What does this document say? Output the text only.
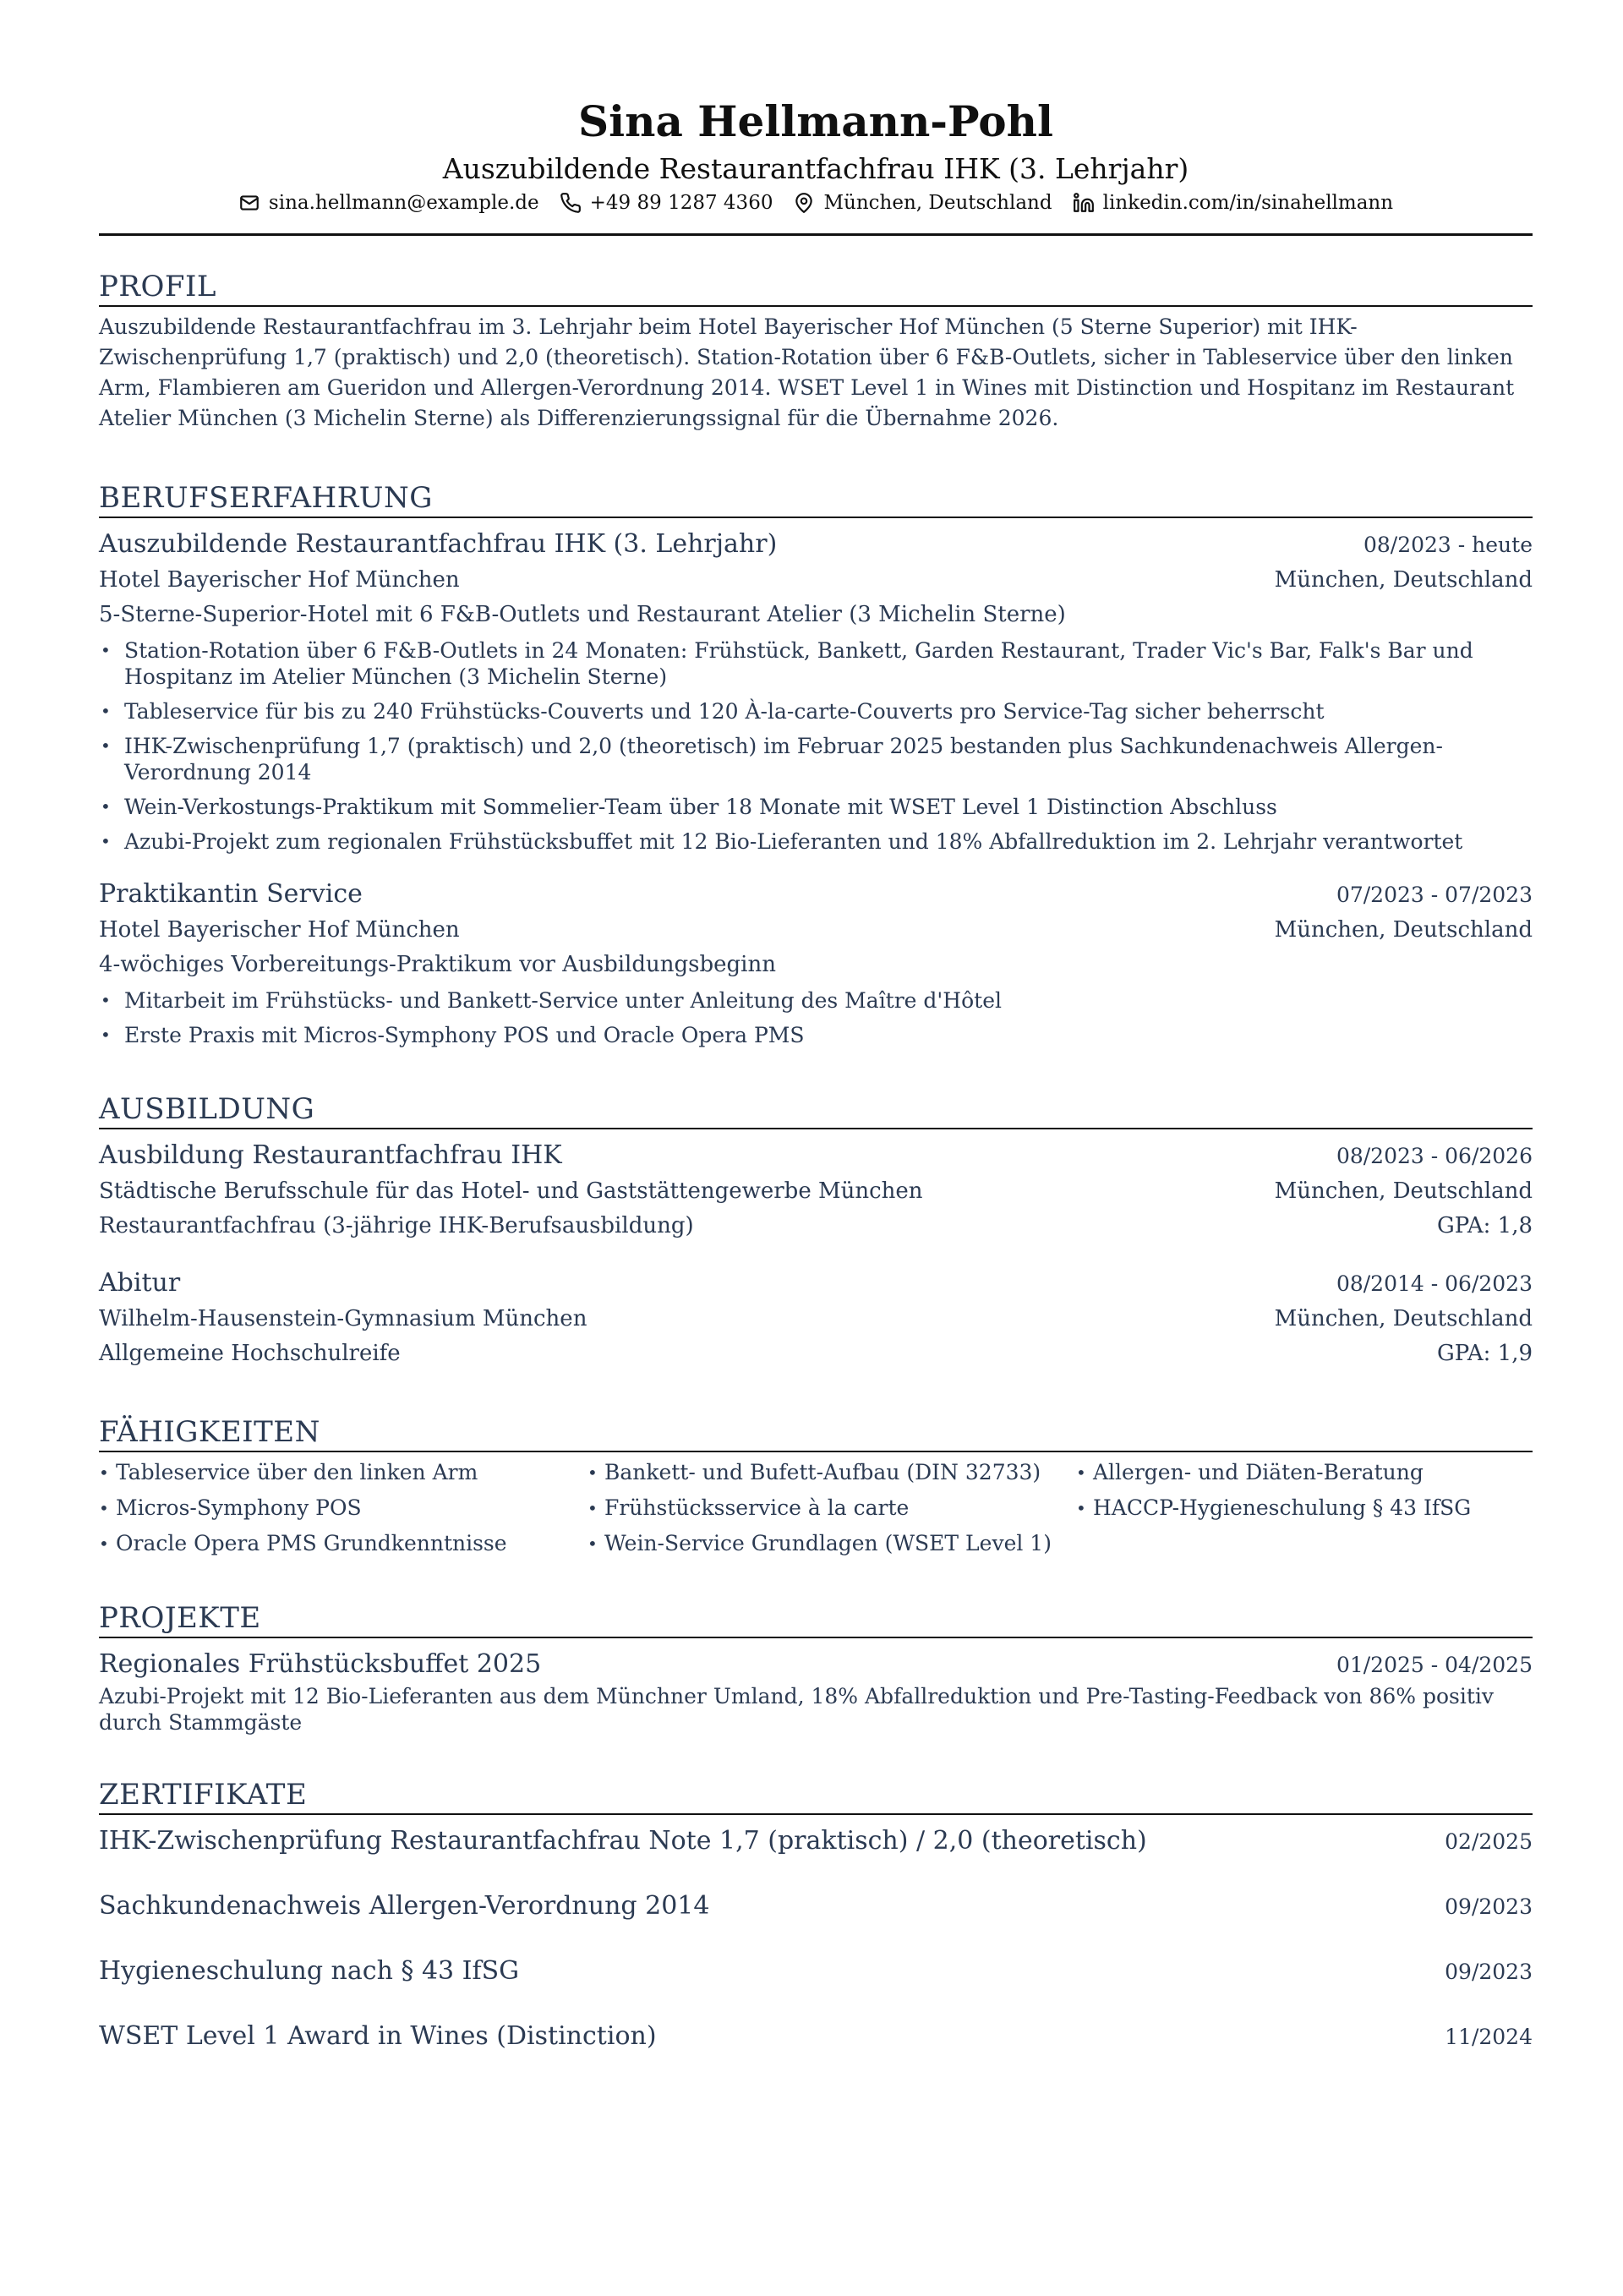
Sina Hellmann-Pohl
Auszubildende Restaurantfachfrau IHK (3. Lehrjahr)
sina.hellmann@example.de	+49 89 1287 4360	München, Deutschland	linkedin.com/in/sinahellmann
PROFIL
Auszubildende Restaurantfachfrau im 3. Lehrjahr beim Hotel Bayerischer Hof München (5 Sterne Superior) mit IHK-Zwischenprüfung 1,7 (praktisch) und 2,0 (theoretisch). Station-Rotation über 6 F&B-Outlets, sicher in Tableservice über den linken Arm, Flambieren am Gueridon und Allergen-Verordnung 2014. WSET Level 1 in Wines mit Distinction und Hospitanz im Restaurant Atelier München (3 Michelin Sterne) als Differenzierungssignal für die Übernahme 2026.
BERUFSERFAHRUNG
Auszubildende Restaurantfachfrau IHK (3. Lehrjahr)	08/2023 - heute
Hotel Bayerischer Hof München	München, Deutschland
5-Sterne-Superior-Hotel mit 6 F&B-Outlets und Restaurant Atelier (3 Michelin Sterne)
• Station-Rotation über 6 F&B-Outlets in 24 Monaten: Frühstück, Bankett, Garden Restaurant, Trader Vic's Bar, Falk's Bar und Hospitanz im Atelier München (3 Michelin Sterne)
• Tableservice für bis zu 240 Frühstücks-Couverts und 120 À-la-carte-Couverts pro Service-Tag sicher beherrscht
• IHK-Zwischenprüfung 1,7 (praktisch) und 2,0 (theoretisch) im Februar 2025 bestanden plus Sachkundenachweis Allergen-Verordnung 2014
• Wein-Verkostungs-Praktikum mit Sommelier-Team über 18 Monate mit WSET Level 1 Distinction Abschluss
• Azubi-Projekt zum regionalen Frühstücksbuffet mit 12 Bio-Lieferanten und 18% Abfallreduktion im 2. Lehrjahr verantwortet
Praktikantin Service	07/2023 - 07/2023
Hotel Bayerischer Hof München	München, Deutschland
4-wöchiges Vorbereitungs-Praktikum vor Ausbildungsbeginn
• Mitarbeit im Frühstücks- und Bankett-Service unter Anleitung des Maître d'Hôtel
• Erste Praxis mit Micros-Symphony POS und Oracle Opera PMS
AUSBILDUNG
Ausbildung Restaurantfachfrau IHK	08/2023 - 06/2026
Städtische Berufsschule für das Hotel- und Gaststättengewerbe München	München, Deutschland
Restaurantfachfrau (3-jährige IHK-Berufsausbildung)	GPA: 1,8
Abitur	08/2014 - 06/2023
Wilhelm-Hausenstein-Gymnasium München	München, Deutschland
Allgemeine Hochschulreife	GPA: 1,9
FÄHIGKEITEN
• Tableservice über den linken Arm	• Bankett- und Bufett-Aufbau (DIN 32733)	• Allergen- und Diäten-Beratung
• Micros-Symphony POS	• Frühstücksservice à la carte	• HACCP-Hygieneschulung § 43 IfSG
• Oracle Opera PMS Grundkenntnisse	• Wein-Service Grundlagen (WSET Level 1)
PROJEKTE
Regionales Frühstücksbuffet 2025	01/2025 - 04/2025
Azubi-Projekt mit 12 Bio-Lieferanten aus dem Münchner Umland, 18% Abfallreduktion und Pre-Tasting-Feedback von 86% positiv durch Stammgäste
ZERTIFIKATE
IHK-Zwischenprüfung Restaurantfachfrau Note 1,7 (praktisch) / 2,0 (theoretisch)	02/2025
Sachkundenachweis Allergen-Verordnung 2014	09/2023
Hygieneschulung nach § 43 IfSG	09/2023
WSET Level 1 Award in Wines (Distinction)	11/2024
